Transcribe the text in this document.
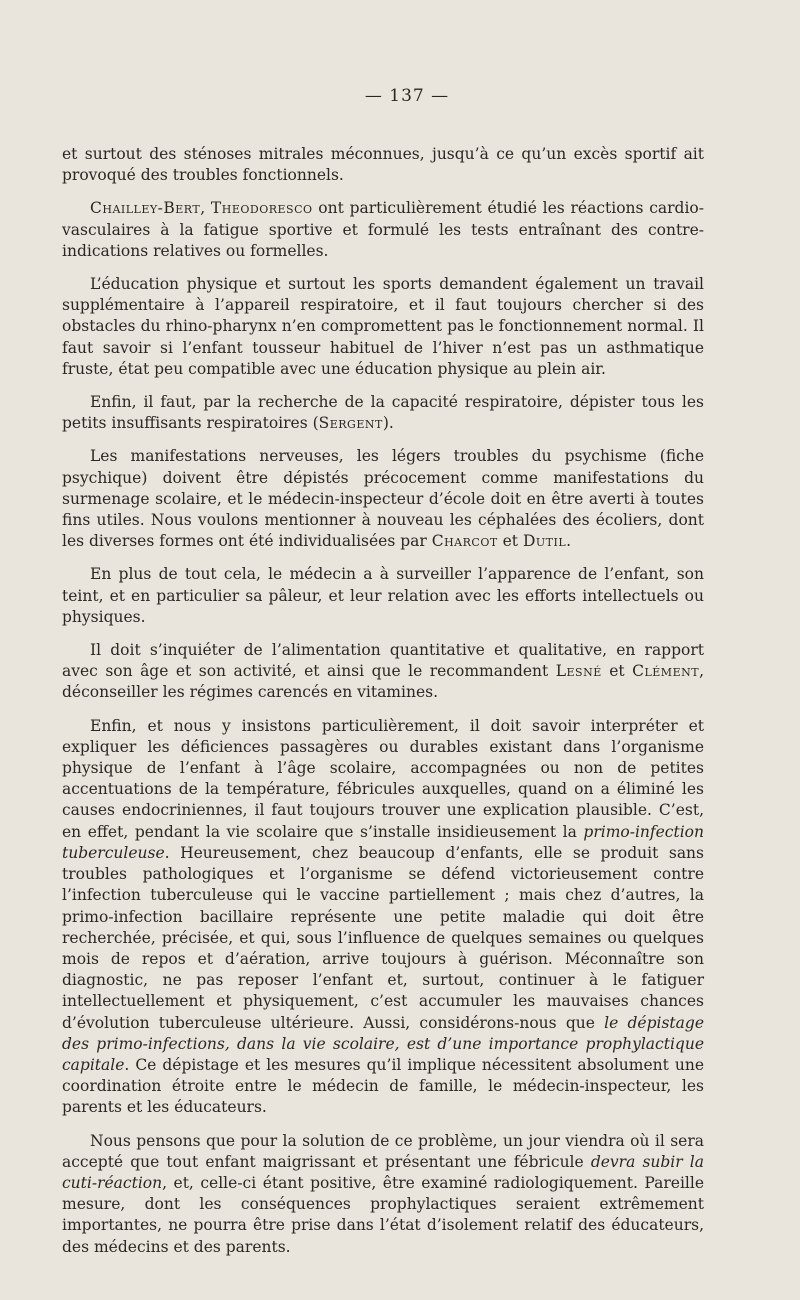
— 137 —

et surtout des sténoses mitrales méconnues, jusqu’à ce qu’un excès sportif ait provoqué des troubles fonctionnels.

Chailley-Bert, Theodoresco ont particulièrement étudié les réactions cardio-vasculaires à la fatigue sportive et formulé les tests entraînant des contre-indications relatives ou formelles.

L’éducation physique et surtout les sports demandent également un travail supplémentaire à l’appareil respiratoire, et il faut toujours chercher si des obstacles du rhino-pharynx n’en compromettent pas le fonctionnement normal. Il faut savoir si l’enfant tousseur habituel de l’hiver n’est pas un asthmatique fruste, état peu compatible avec une éducation physique au plein air.

Enfin, il faut, par la recherche de la capacité respiratoire, dépister tous les petits insuffisants respiratoires (Sergent).

Les manifestations nerveuses, les légers troubles du psychisme (fiche psychique) doivent être dépistés précocement comme manifestations du surmenage scolaire, et le médecin-inspecteur d’école doit en être averti à toutes fins utiles. Nous voulons mentionner à nouveau les céphalées des écoliers, dont les diverses formes ont été individualisées par Charcot et Dutil.

En plus de tout cela, le médecin a à surveiller l’apparence de l’enfant, son teint, et en particulier sa pâleur, et leur relation avec les efforts intellectuels ou physiques.

Il doit s’inquiéter de l’alimentation quantitative et qualitative, en rapport avec son âge et son activité, et ainsi que le recommandent Lesné et Clément, déconseiller les régimes carencés en vitamines.

Enfin, et nous y insistons particulièrement, il doit savoir interpréter et expliquer les déficiences passagères ou durables existant dans l’organisme physique de l’enfant à l’âge scolaire, accompagnées ou non de petites accentuations de la température, fébricules auxquelles, quand on a éliminé les causes endocriniennes, il faut toujours trouver une explication plausible. C’est, en effet, pendant la vie scolaire que s’installe insidieusement la primo-infection tuberculeuse. Heureusement, chez beaucoup d’enfants, elle se produit sans troubles pathologiques et l’organisme se défend victorieusement contre l’infection tuberculeuse qui le vaccine partiellement ; mais chez d’autres, la primo-infection bacillaire représente une petite maladie qui doit être recherchée, précisée, et qui, sous l’influence de quelques semaines ou quelques mois de repos et d’aération, arrive toujours à guérison. Méconnaître son diagnostic, ne pas reposer l’enfant et, surtout, continuer à le fatiguer intellectuellement et physiquement, c’est accumuler les mauvaises chances d’évolution tuberculeuse ultérieure. Aussi, considérons-nous que le dépistage des primo-infections, dans la vie scolaire, est d’une importance prophylactique capitale. Ce dépistage et les mesures qu’il implique nécessitent absolument une coordination étroite entre le médecin de famille, le médecin-inspecteur, les parents et les éducateurs.

Nous pensons que pour la solution de ce problème, un jour viendra où il sera accepté que tout enfant maigrissant et présentant une fébricule devra subir la cuti-réaction, et, celle-ci étant positive, être examiné radiologiquement. Pareille mesure, dont les conséquences prophylactiques seraient extrêmement importantes, ne pourra être prise dans l’état d’isolement relatif des éducateurs, des médecins et des parents.
